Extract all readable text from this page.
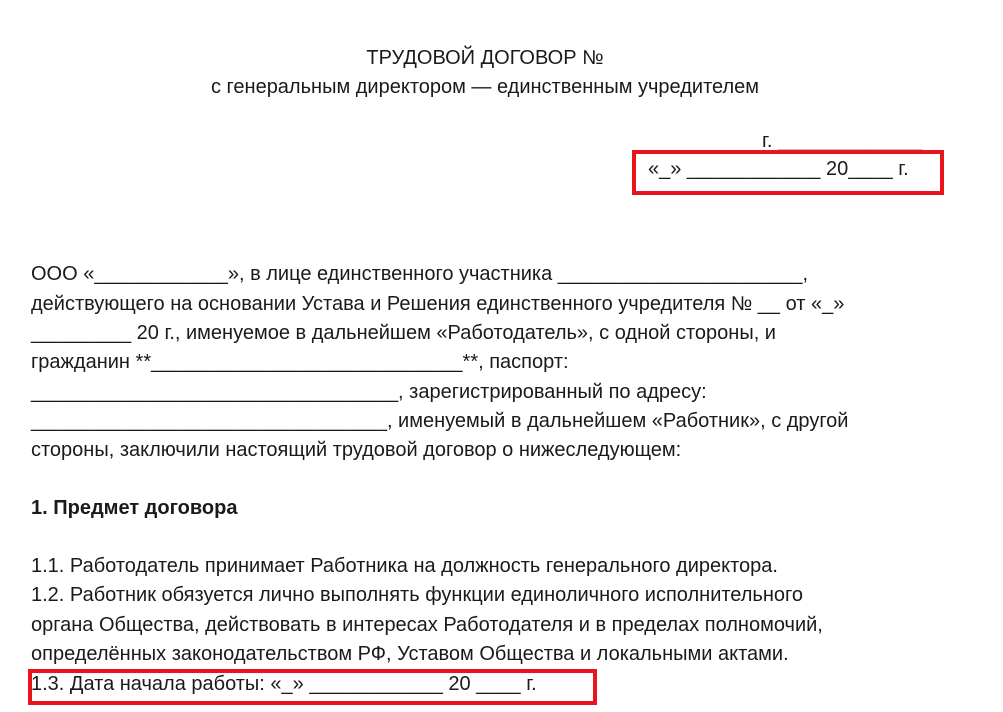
ТРУДОВОЙ ДОГОВОР №
с генеральным директором — единственным учредителем
г. _____________
«_» ____________ 20____ г.
ООО «____________», в лице единственного участника ______________________,
действующего на основании Устава и Решения единственного учредителя № __ от «_»
_________ 20 г., именуемое в дальнейшем «Работодатель», с одной стороны, и
гражданин **____________________________**, паспорт:
_________________________________, зарегистрированный по адресу:
________________________________, именуемый в дальнейшем «Работник», с другой
стороны, заключили настоящий трудовой договор о нижеследующем:
1. Предмет договора
1.1. Работодатель принимает Работника на должность генерального директора.
1.2. Работник обязуется лично выполнять функции единоличного исполнительного
органа Общества, действовать в интересах Работодателя и в пределах полномочий,
определённых законодательством РФ, Уставом Общества и локальными актами.
1.3. Дата начала работы: «_» ____________ 20 ____ г.
